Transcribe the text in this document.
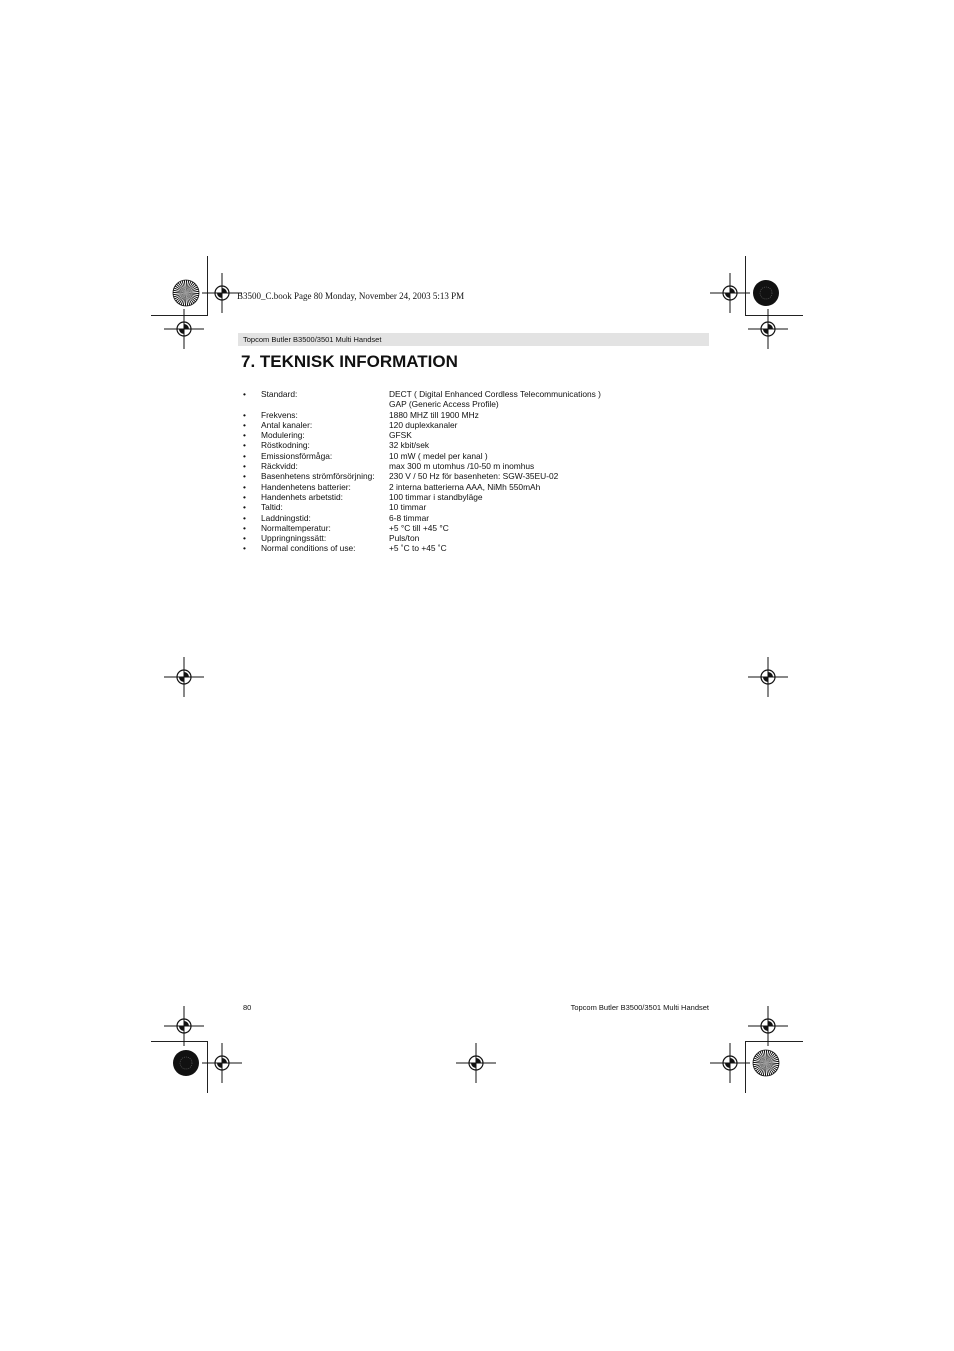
B3500_C.book Page 80 Monday, November 24, 2003 5:13 PM
Topcom Butler B3500/3501 Multi Handset
7. TEKNISK INFORMATION
• Standard:	DECT ( Digital Enhanced Cordless Telecommunications )
GAP (Generic Access Profile)
• Frekvens:	1880 MHZ till 1900 MHz
• Antal kanaler:	120 duplexkanaler
• Modulering:	GFSK
• Röstkodning:	32 kbit/sek
• Emissionsförmåga:	10 mW ( medel per kanal )
• Räckvidd:	max 300 m utomhus /10-50 m inomhus
• Basenhetens strömförsörjning: 230 V / 50 Hz för basenheten: SGW-35EU-02
• Handenhetens batterier:	2 interna batterierna AAA, NiMh 550mAh
• Handenhets arbetstid:	100 timmar i standbyläge
• Taltid:	10 timmar
• Laddningstid:	6-8 timmar
• Normaltemperatur:	+5 °C till +45 °C
• Uppringningssätt:	Puls/ton
• Normal conditions of use:	+5 ˚C to +45 ˚C
80	Topcom Butler B3500/3501 Multi Handset
